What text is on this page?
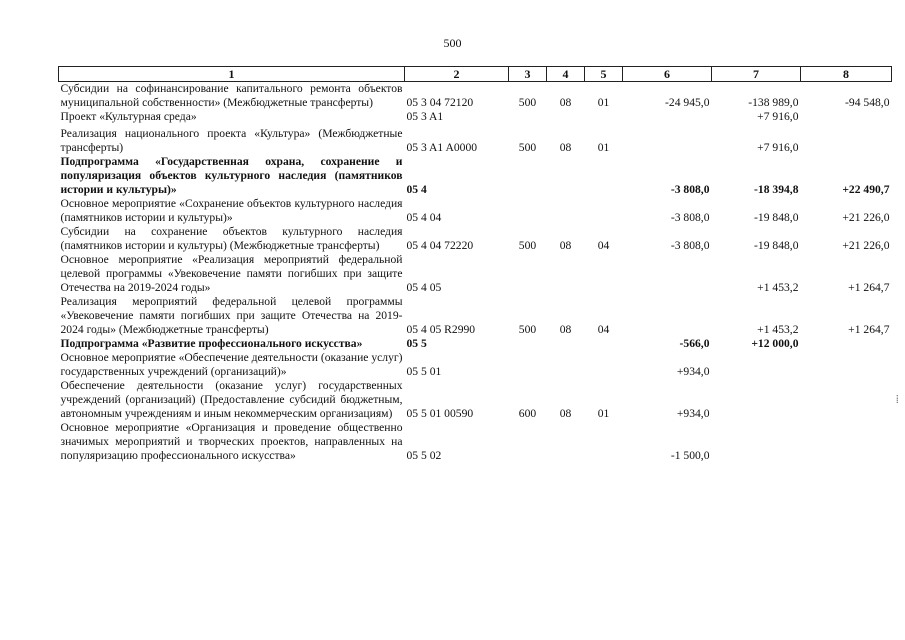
500
1	2	3	4	5	6	7	8
Субсидии на софинансирование капитального ремонта объектов муниципальной собственности» (Межбюджетные трансферты)	05 3 04 72120	500	08	01	-24 945,0	-138 989,0	-94 548,0
Проект «Культурная среда»	05 3 A1					+7 916,0	
Реализация национального проекта «Культура» (Межбюджетные трансферты)	05 3 A1 A0000	500	08	01		+7 916,0	
Подпрограмма «Государственная охрана, сохранение и популяризация объектов культурного наследия (памятников истории и культуры)»	05 4				-3 808,0	-18 394,8	+22 490,7
Основное мероприятие «Сохранение объектов культурного наследия (памятников истории и культуры)»	05 4 04				-3 808,0	-19 848,0	+21 226,0
Субсидии на сохранение объектов культурного наследия (памятников истории и культуры) (Межбюджетные трансферты)	05 4 04 72220	500	08	04	-3 808,0	-19 848,0	+21 226,0
Основное мероприятие «Реализация мероприятий федеральной целевой программы «Увековечение памяти погибших при защите Отечества на 2019-2024 годы»	05 4 05					+1 453,2	+1 264,7
Реализация мероприятий федеральной целевой программы «Увековечение памяти погибших при защите Отечества на 2019-2024 годы» (Межбюджетные трансферты)	05 4 05 R2990	500	08	04		+1 453,2	+1 264,7
Подпрограмма «Развитие профессионального искусства»	05 5				-566,0	+12 000,0	
Основное мероприятие «Обеспечение деятельности (оказание услуг) государственных учреждений (организаций)»	05 5 01				+934,0		
Обеспечение деятельности (оказание услуг) государственных учреждений (организаций) (Предоставление субсидий бюджетным, автономным учреждениям и иным некоммерческим организациям)	05 5 01 00590	600	08	01	+934,0		
Основное мероприятие «Организация и проведение общественно значимых мероприятий и творческих проектов, направленных на популяризацию профессионального искусства»	05 5 02				-1 500,0		
⁞
